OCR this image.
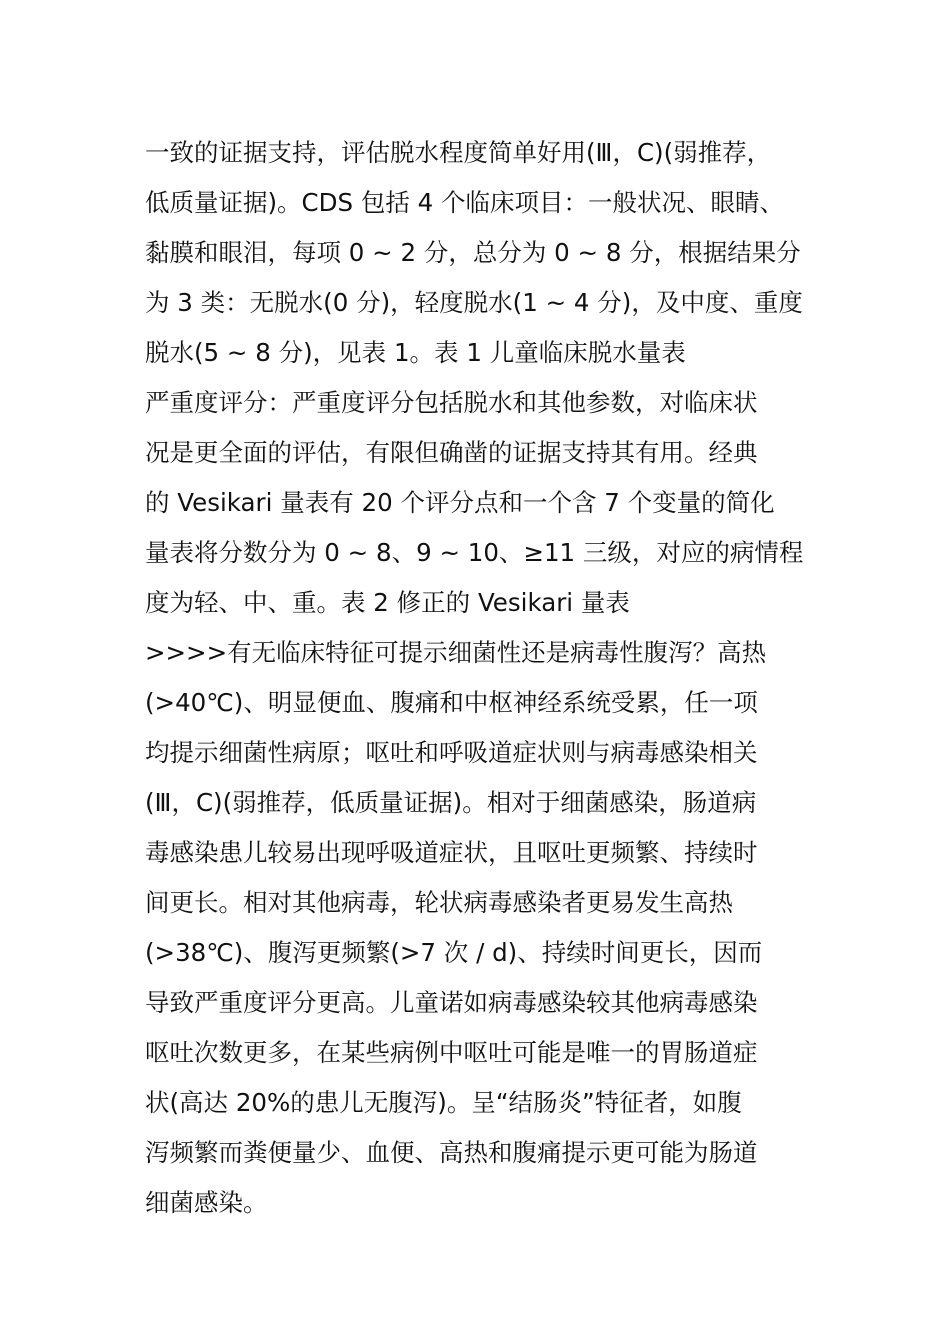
一致的证据支持，评估脱水程度简单好用(Ⅲ，C)(弱推荐，
低质量证据)。CDS 包括 4 个临床项目：一般状况、眼睛、
黏膜和眼泪，每项 0 ~ 2 分，总分为 0 ~ 8 分，根据结果分
为 3 类：无脱水(0 分)，轻度脱水(1 ~ 4 分)，及中度、重度
脱水(5 ~ 8 分)，见表 1。表 1 儿童临床脱水量表
严重度评分：严重度评分包括脱水和其他参数，对临床状
况是更全面的评估，有限但确凿的证据支持其有用。经典
的 Vesikari 量表有 20 个评分点和一个含 7 个变量的简化
量表将分数分为 0 ~ 8、9 ~ 10、≥11 三级，对应的病情程
度为轻、中、重。表 2 修正的 Vesikari 量表
>>>>有无临床特征可提示细菌性还是病毒性腹泻？高热
(>40℃)、明显便血、腹痛和中枢神经系统受累，任一项
均提示细菌性病原；呕吐和呼吸道症状则与病毒感染相关
(Ⅲ，C)(弱推荐，低质量证据)。相对于细菌感染，肠道病
毒感染患儿较易出现呼吸道症状，且呕吐更频繁、持续时
间更长。相对其他病毒，轮状病毒感染者更易发生高热
(>38℃)、腹泻更频繁(>7 次 / d)、持续时间更长，因而
导致严重度评分更高。儿童诺如病毒感染较其他病毒感染
呕吐次数更多，在某些病例中呕吐可能是唯一的胃肠道症
状(高达 20%的患儿无腹泻)。呈“结肠炎”特征者，如腹
泻频繁而粪便量少、血便、高热和腹痛提示更可能为肠道
细菌感染。
